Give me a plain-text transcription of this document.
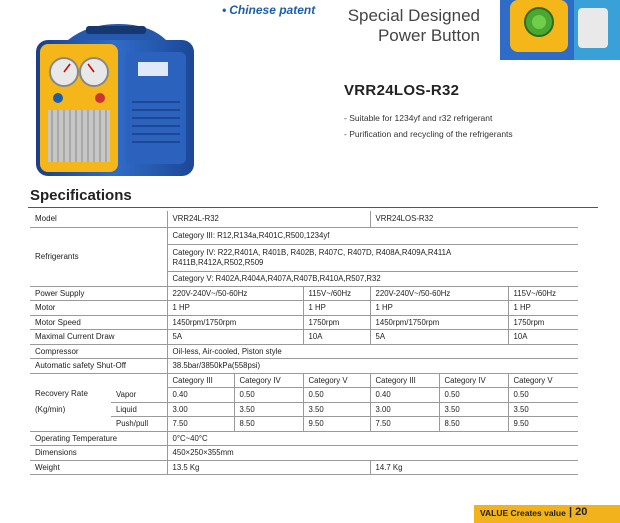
• Chinese patent	Special Designed
Power Button
VRR24LOS-R32
- Suitable for 1234yf and r32 refrigerant
- Purification and recycling of the refrigerants
Specifications
Model		VRR24L-R32			VRR24LOS-R32		
Refrigerants		Category III: R12,R134a,R401C,R500,1234yf					
		Category IV: R22,R401A, R401B, R402B, R407C, R407D, R408A,R409A,R411A R411B,R412A,R502,R509					
		Category V: R402A,R404A,R407A,R407B,R410A,R507,R32					
Power Supply		220V-240V~/50-60Hz		115V~/60Hz	220V-240V~/50-60Hz		115V~/60Hz
Motor		1 HP		1 HP	1 HP		1 HP
Motor Speed		1450rpm/1750rpm		1750rpm	1450rpm/1750rpm		1750rpm
Maximal Current Draw		5A		10A	5A		10A
Compressor		Oil-less, Air-cooled, Piston style					
Automatic safety Shut-Off		38.5bar/3850kPa(558psi)					

Recovery Rate
(Kg/min)		Category III	Category IV	Category V	Category III	Category IV	Category V
	Vapor	0.40	0.50	0.50	0.40	0.50	0.50
	Liquid	3.00	3.50	3.50	3.00	3.50	3.50
	Push/pull	7.50	8.50	9.50	7.50	8.50	9.50
Operating Temperature		0°C~40°C					
Dimensions		450×250×355mm					
Weight		13.5 Kg			14.7 Kg		
VALUE Creates value | 20
